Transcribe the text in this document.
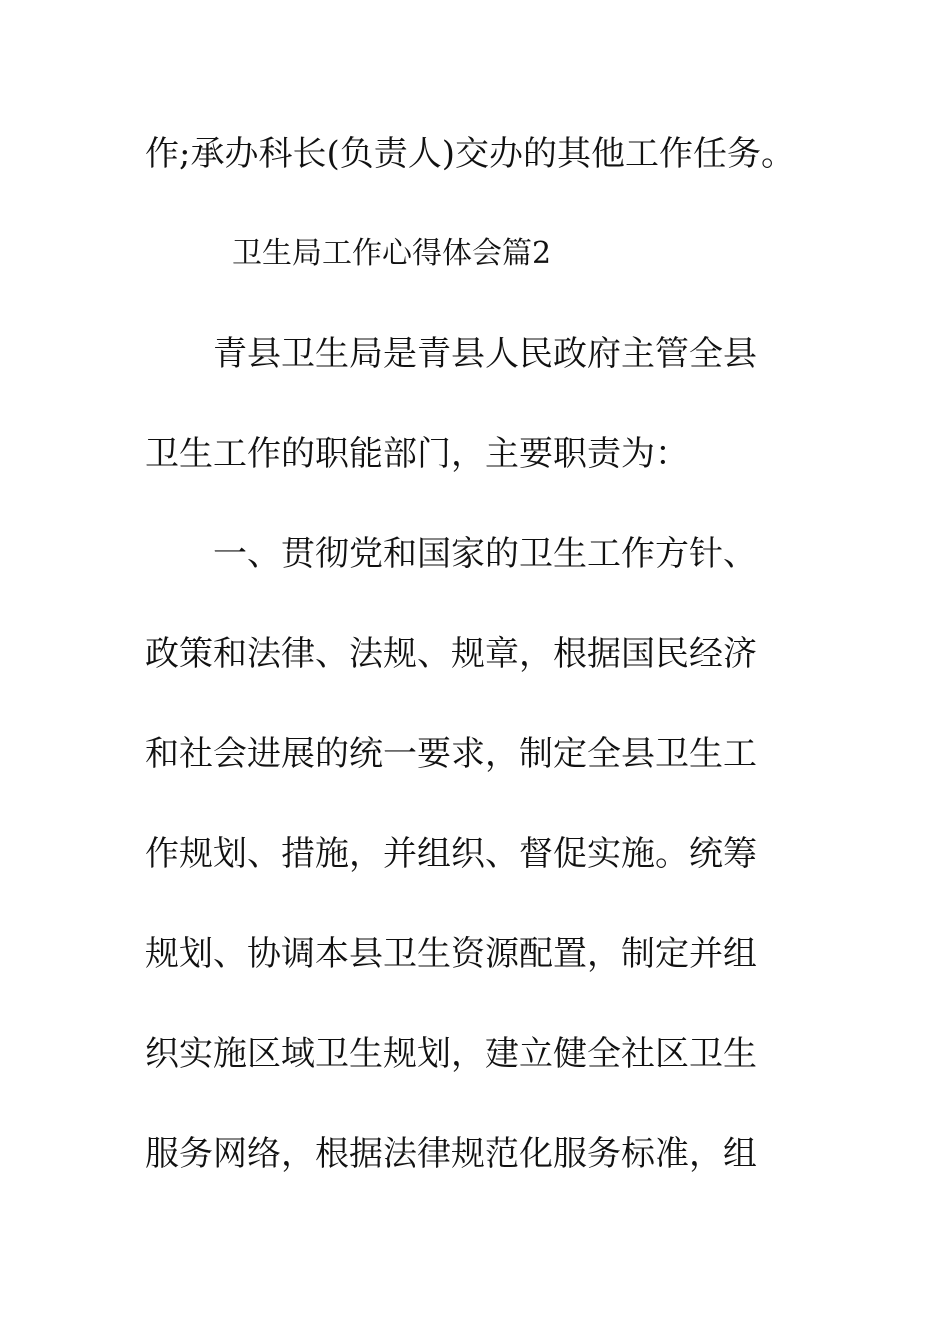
作;承办科长(负责人)交办的其他工作任务。
卫生局工作心得体会篇2
青县卫生局是青县人民政府主管全县
卫生工作的职能部门，主要职责为：
一、贯彻党和国家的卫生工作方针、
政策和法律、法规、规章，根据国民经济
和社会进展的统一要求，制定全县卫生工
作规划、措施，并组织、督促实施。统筹
规划、协调本县卫生资源配置，制定并组
织实施区域卫生规划，建立健全社区卫生
服务网络，根据法律规范化服务标准，组
